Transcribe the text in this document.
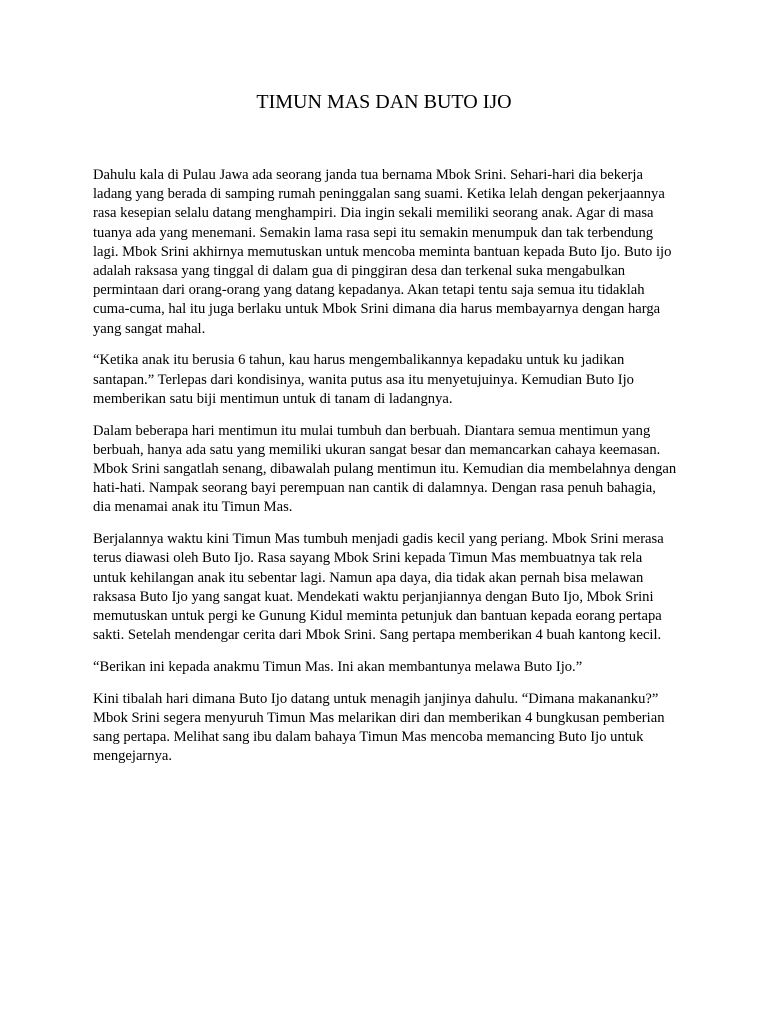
TIMUN MAS DAN BUTO IJO

Dahulu kala di Pulau Jawa ada seorang janda tua bernama Mbok Srini. Sehari-hari dia bekerja ladang yang berada di samping rumah peninggalan sang suami. Ketika lelah dengan pekerjaannya rasa kesepian selalu datang menghampiri. Dia ingin sekali memiliki seorang anak. Agar di masa tuanya ada yang menemani. Semakin lama rasa sepi itu semakin menumpuk dan tak terbendung lagi. Mbok Srini akhirnya memutuskan untuk mencoba meminta bantuan kepada Buto Ijo. Buto ijo adalah raksasa yang tinggal di dalam gua di pinggiran desa dan terkenal suka mengabulkan permintaan dari orang-orang yang datang kepadanya. Akan tetapi tentu saja semua itu tidaklah cuma-cuma, hal itu juga berlaku untuk Mbok Srini dimana dia harus membayarnya dengan harga yang sangat mahal.

“Ketika anak itu berusia 6 tahun, kau harus mengembalikannya kepadaku untuk ku jadikan santapan.” Terlepas dari kondisinya, wanita putus asa itu menyetujuinya. Kemudian Buto Ijo memberikan satu biji mentimun untuk di tanam di ladangnya.

Dalam beberapa hari mentimun itu mulai tumbuh dan berbuah. Diantara semua mentimun yang berbuah, hanya ada satu yang memiliki ukuran sangat besar dan memancarkan cahaya keemasan. Mbok Srini sangatlah senang, dibawalah pulang mentimun itu. Kemudian dia membelahnya dengan hati-hati. Nampak seorang bayi perempuan nan cantik di dalamnya. Dengan rasa penuh bahagia, dia menamai anak itu Timun Mas.

Berjalannya waktu kini Timun Mas tumbuh menjadi gadis kecil yang periang. Mbok Srini merasa terus diawasi oleh Buto Ijo. Rasa sayang Mbok Srini kepada Timun Mas membuatnya tak rela untuk kehilangan anak itu sebentar lagi. Namun apa daya, dia tidak akan pernah bisa melawan raksasa Buto Ijo yang sangat kuat. Mendekati waktu perjanjiannya dengan Buto Ijo, Mbok Srini memutuskan untuk pergi ke Gunung Kidul meminta petunjuk dan bantuan kepada eorang pertapa sakti. Setelah mendengar cerita dari Mbok Srini. Sang pertapa memberikan 4 buah kantong kecil.

“Berikan ini kepada anakmu Timun Mas. Ini akan membantunya melawa Buto Ijo.”

Kini tibalah hari dimana Buto Ijo datang untuk menagih janjinya dahulu. “Dimana makananku?” Mbok Srini segera menyuruh Timun Mas melarikan diri dan memberikan 4 bungkusan pemberian sang pertapa. Melihat sang ibu dalam bahaya Timun Mas mencoba memancing Buto Ijo untuk mengejarnya.
